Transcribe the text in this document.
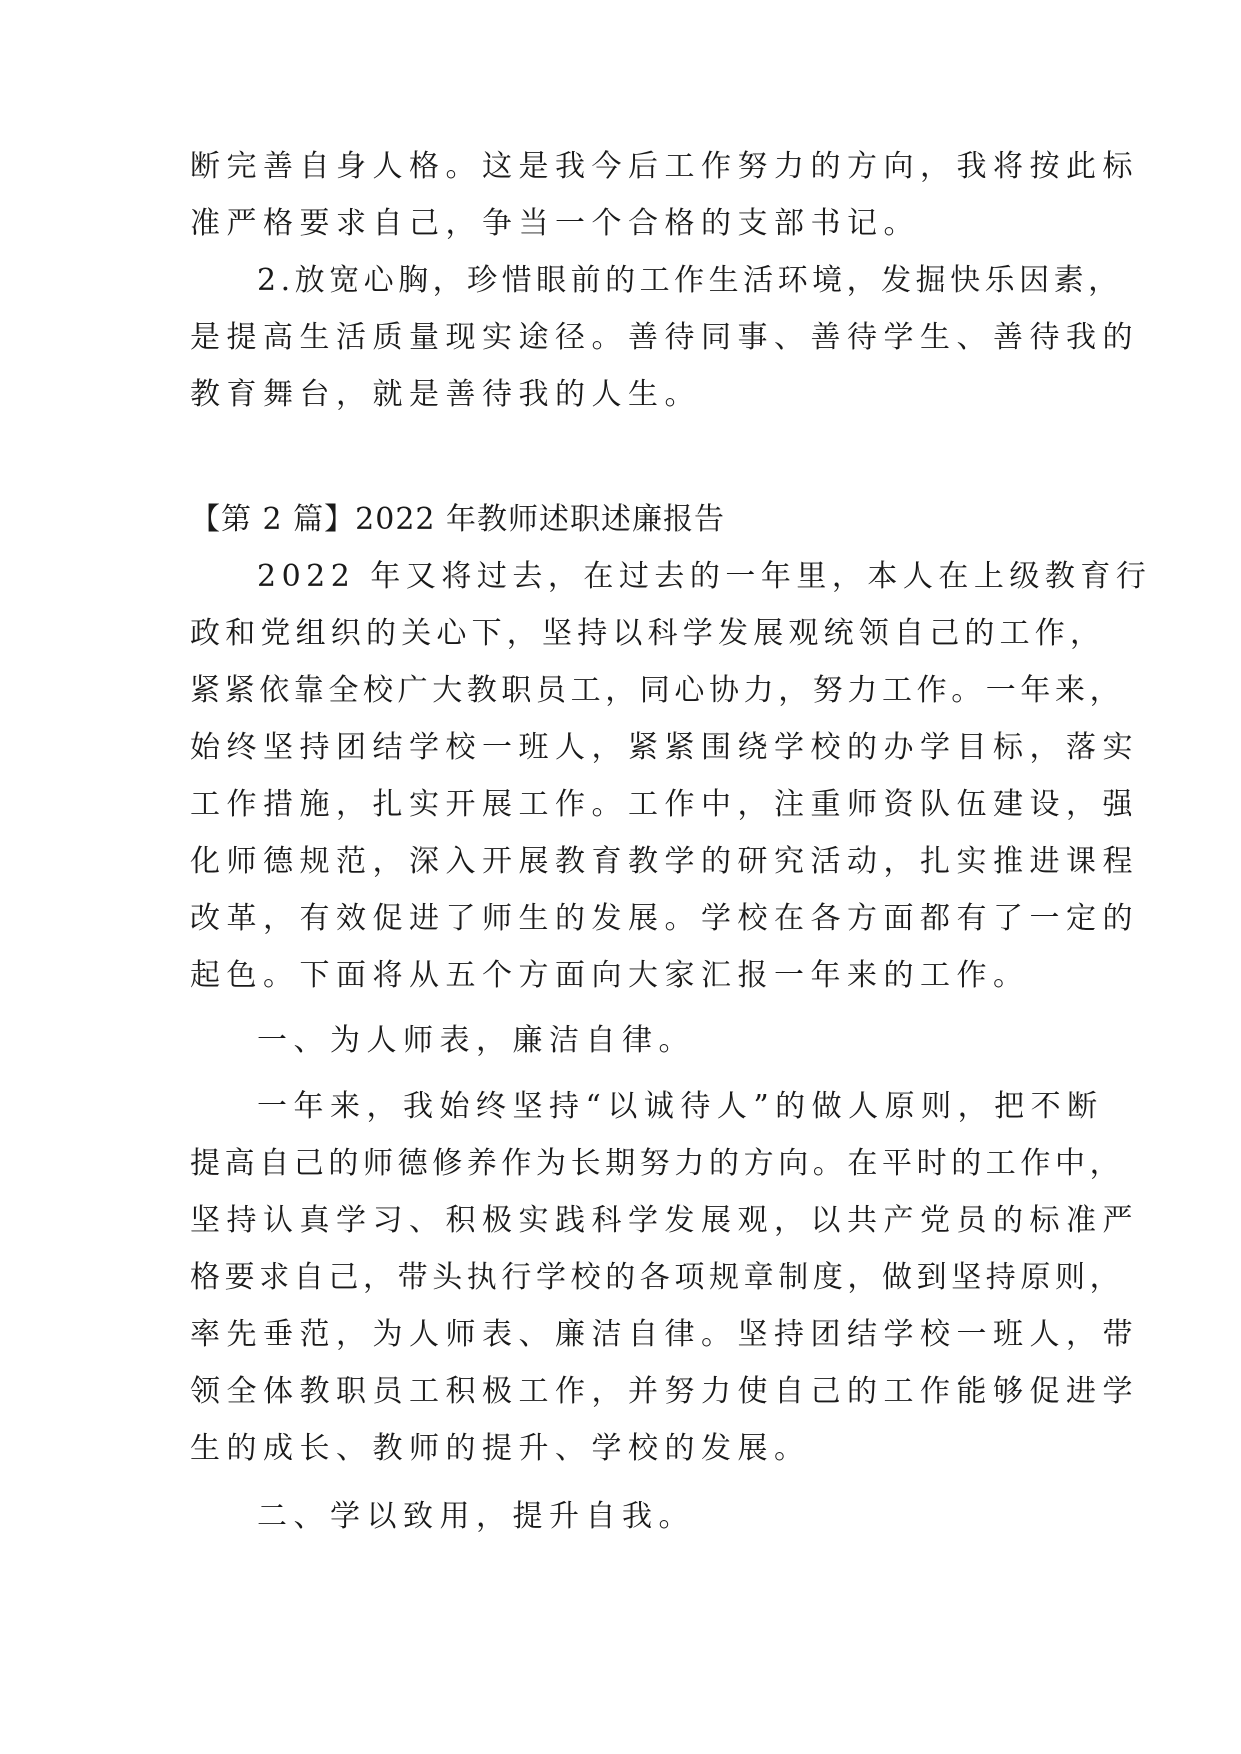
断完善自身人格。这是我今后工作努力的方向，我将按此标
准严格要求自己，争当一个合格的支部书记。
2.放宽心胸，珍惜眼前的工作生活环境，发掘快乐因素，
是提高生活质量现实途径。善待同事、善待学生、善待我的
教育舞台，就是善待我的人生。
【第 2 篇】2022 年教师述职述廉报告
2022 年又将过去，在过去的一年里，本人在上级教育行
政和党组织的关心下，坚持以科学发展观统领自己的工作，
紧紧依靠全校广大教职员工，同心协力，努力工作。一年来，
始终坚持团结学校一班人，紧紧围绕学校的办学目标，落实
工作措施，扎实开展工作。工作中，注重师资队伍建设，强
化师德规范，深入开展教育教学的研究活动，扎实推进课程
改革，有效促进了师生的发展。学校在各方面都有了一定的
起色。下面将从五个方面向大家汇报一年来的工作。
一、为人师表，廉洁自律。
一年来，我始终坚持“以诚待人”的做人原则，把不断
提高自己的师德修养作为长期努力的方向。在平时的工作中，
坚持认真学习、积极实践科学发展观，以共产党员的标准严
格要求自己，带头执行学校的各项规章制度，做到坚持原则，
率先垂范，为人师表、廉洁自律。坚持团结学校一班人，带
领全体教职员工积极工作，并努力使自己的工作能够促进学
生的成长、教师的提升、学校的发展。
二、学以致用，提升自我。
